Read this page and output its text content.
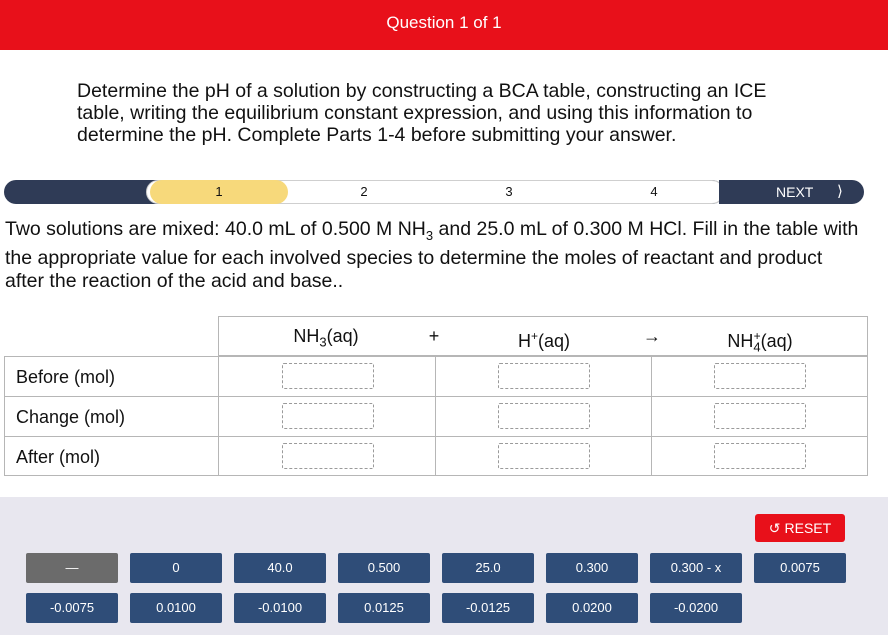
Question 1 of 1
Determine the pH of a solution by constructing a BCA table, constructing an ICE table, writing the equilibrium constant expression, and using this information to determine the pH. Complete Parts 1-4 before submitting your answer.
1	2	3	4	NEXT ⟩
Two solutions are mixed: 40.0 mL of 0.500 M $NH_3$ and 25.0 mL of 0.300 M HCl. Fill in the table with the appropriate value for each involved species to determine the moles of reactant and product after the reaction of the acid and base..
$NH_3(aq)$	+	H+(aq)	→	$NH_4^+(aq)$
Before (mol)
Change (mol)
After (mol)
↺ RESET
—	0	40.0	0.500	25.0	0.300	0.300 - x	0.0075
-0.0075	0.0100	-0.0100	0.0125	-0.0125	0.0200	-0.0200
